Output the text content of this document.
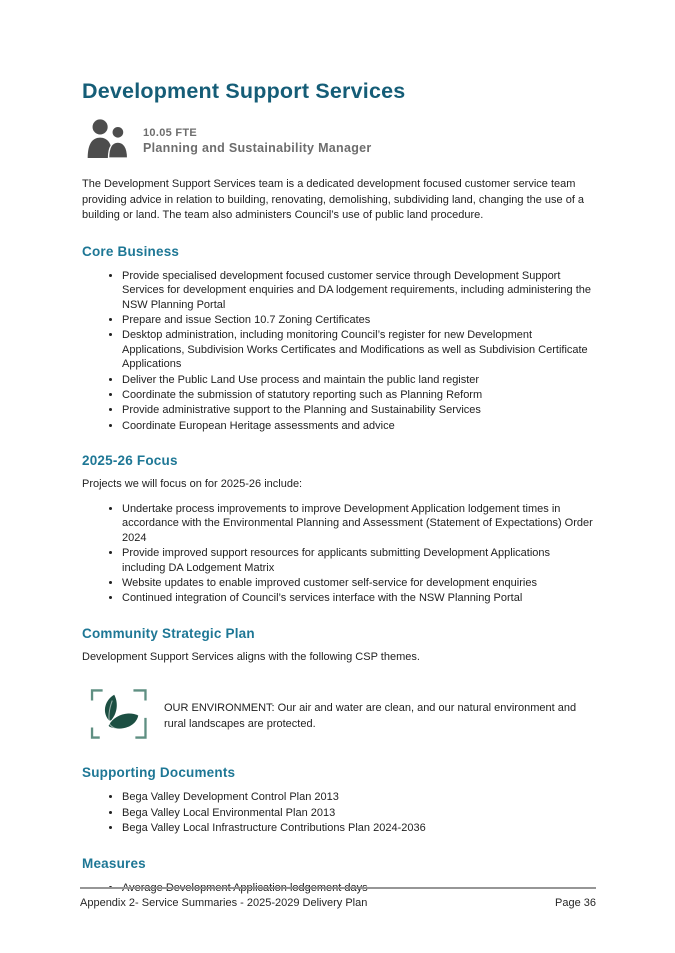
Development Support Services
10.05 FTE
Planning and Sustainability Manager

The Development Support Services team is a dedicated development focused customer service team providing advice in relation to building, renovating, demolishing, subdividing land, changing the use of a building or land. The team also administers Council’s use of public land procedure.

Core Business
• Provide specialised development focused customer service through Development Support Services for development enquiries and DA lodgement requirements, including administering the NSW Planning Portal
• Prepare and issue Section 10.7 Zoning Certificates
• Desktop administration, including monitoring Council’s register for new Development Applications, Subdivision Works Certificates and Modifications as well as Subdivision Certificate Applications
• Deliver the Public Land Use process and maintain the public land register
• Coordinate the submission of statutory reporting such as Planning Reform
• Provide administrative support to the Planning and Sustainability Services
• Coordinate European Heritage assessments and advice
2025-26 Focus

Projects we will focus on for 2025-26 include:

• Undertake process improvements to improve Development Application lodgement times in accordance with the Environmental Planning and Assessment (Statement of Expectations) Order 2024
• Provide improved support resources for applicants submitting Development Applications including DA Lodgement Matrix
• Website updates to enable improved customer self-service for development enquiries
• Continued integration of Council’s services interface with the NSW Planning Portal
Community Strategic Plan

Development Support Services aligns with the following CSP themes.

OUR ENVIRONMENT: Our air and water are clean, and our natural environment and rural landscapes are protected.

Supporting Documents
• Bega Valley Development Control Plan 2013
• Bega Valley Local Environmental Plan 2013
• Bega Valley Local Infrastructure Contributions Plan 2024-2036
Measures
• Average Development Application lodgement days
Appendix 2- Service Summaries - 2025-2029 Delivery Plan	Page 36
